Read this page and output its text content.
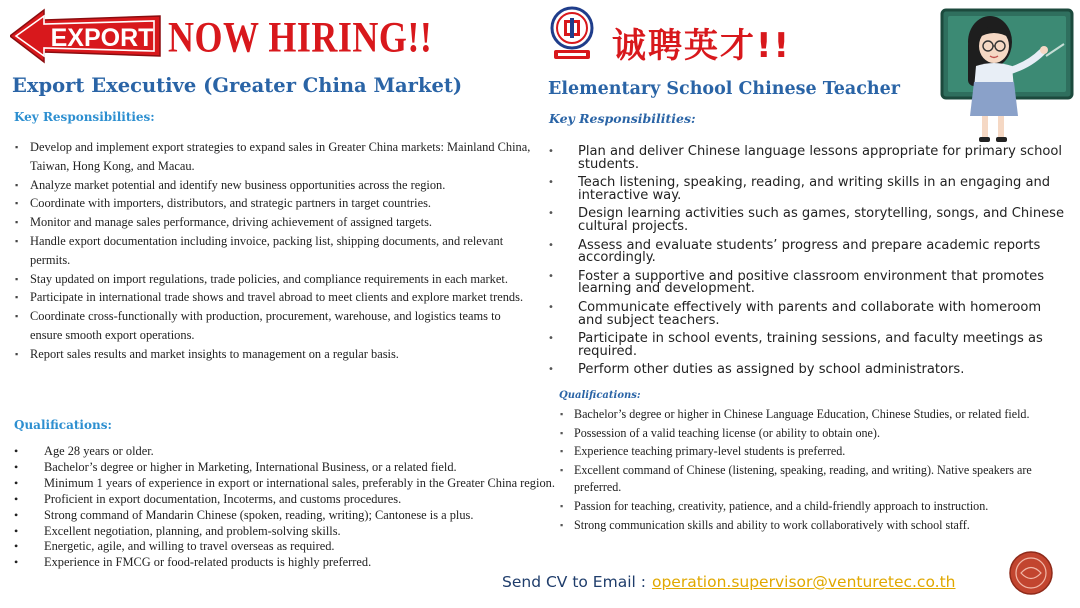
EXPORT NOW HIRING!!
Export Executive (Greater China Market)
Key Responsibilities:
▪ Develop and implement export strategies to expand sales in Greater China markets: Mainland China, Taiwan, Hong Kong, and Macau.
▪ Analyze market potential and identify new business opportunities across the region.
▪ Coordinate with importers, distributors, and strategic partners in target countries.
▪ Monitor and manage sales performance, driving achievement of assigned targets.
▪ Handle export documentation including invoice, packing list, shipping documents, and relevant permits.
▪ Stay updated on import regulations, trade policies, and compliance requirements in each market.
▪ Participate in international trade shows and travel abroad to meet clients and explore market trends.
▪ Coordinate cross-functionally with production, procurement, warehouse, and logistics teams to ensure smooth export operations.
▪ Report sales results and market insights to management on a regular basis.
Qualifications:
• Age 28 years or older.
• Bachelor’s degree or higher in Marketing, International Business, or a related field.
• Minimum 1 years of experience in export or international sales, preferably in the Greater China region.
• Proficient in export documentation, Incoterms, and customs procedures.
• Strong command of Mandarin Chinese (spoken, reading, writing); Cantonese is a plus.
• Excellent negotiation, planning, and problem-solving skills.
• Energetic, agile, and willing to travel overseas as required.
• Experience in FMCG or food-related products is highly preferred.
诚聘英才!!
Elementary School Chinese Teacher
Key Responsibilities:
• Plan and deliver Chinese language lessons appropriate for primary school students.
• Teach listening, speaking, reading, and writing skills in an engaging and interactive way.
• Design learning activities such as games, storytelling, songs, and Chinese cultural projects.
• Assess and evaluate students’ progress and prepare academic reports accordingly.
• Foster a supportive and positive classroom environment that promotes learning and development.
• Communicate effectively with parents and collaborate with homeroom and subject teachers.
• Participate in school events, training sessions, and faculty meetings as required.
• Perform other duties as assigned by school administrators.
Qualifications:
▪ Bachelor’s degree or higher in Chinese Language Education, Chinese Studies, or related field.
▪ Possession of a valid teaching license (or ability to obtain one).
▪ Experience teaching primary-level students is preferred.
▪ Excellent command of Chinese (listening, speaking, reading, and writing). Native speakers are preferred.
▪ Passion for teaching, creativity, patience, and a child-friendly approach to instruction.
▪ Strong communication skills and ability to work collaboratively with school staff.
Send CV to Email : operation.supervisor@venturetec.co.th
